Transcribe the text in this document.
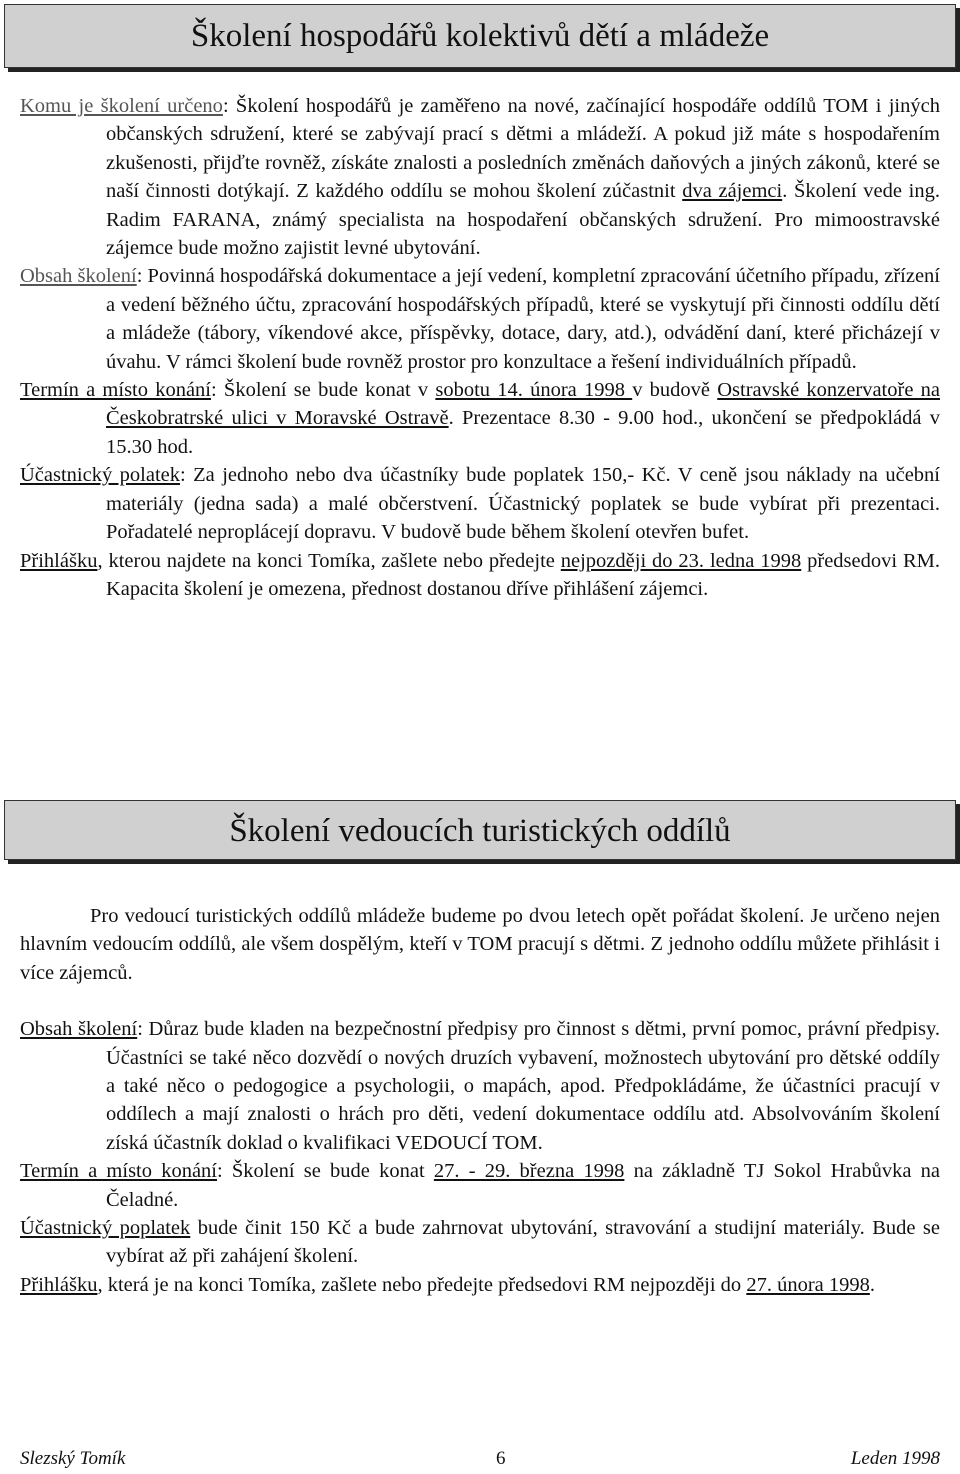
Školení hospodářů kolektivů dětí a mládeže

Komu je školení určeno: Školení hospodářů je zaměřeno na nové, začínající hospodáře oddílů TOM i jiných občanských sdružení, které se zabývají prací s dětmi a mládeží. A pokud již máte s hospodařením zkušenosti, přijďte rovněž, získáte znalosti a posledních změnách daňových a jiných zákonů, které se naší činnosti dotýkají. Z každého oddílu se mohou školení zúčastnit dva zájemci. Školení vede ing. Radim FARANA, známý specialista na hospodaření občanských sdružení. Pro mimoostravské zájemce bude možno zajistit levné ubytování.

Obsah školení: Povinná hospodářská dokumentace a její vedení, kompletní zpracování účetního případu, zřízení a vedení běžného účtu, zpracování hospodářských případů, které se vyskytují při činnosti oddílu dětí a mládeže (tábory, víkendové akce, příspěvky, dotace, dary, atd.), odvádění daní, které přicházejí v úvahu. V rámci školení bude rovněž prostor pro konzultace a řešení individuálních případů.

Termín a místo konání: Školení se bude konat v sobotu 14. února 1998 v budově Ostravské konzervatoře na Českobratrské ulici v Moravské Ostravě. Prezentace 8.30 - 9.00 hod., ukončení se předpokládá v 15.30 hod.

Účastnický polatek: Za jednoho nebo dva účastníky bude poplatek 150,- Kč. V ceně jsou náklady na učební materiály (jedna sada) a malé občerstvení. Účastnický poplatek se bude vybírat při prezentaci. Pořadatelé neproplácejí dopravu. V budově bude během školení otevřen bufet.

Přihlášku, kterou najdete na konci Tomíka, zašlete nebo předejte nejpozději do 23. ledna 1998 předsedovi RM. Kapacita školení je omezena, přednost dostanou dříve přihlášení zájemci.

Školení vedoucích turistických oddílů

Pro vedoucí turistických oddílů mládeže budeme po dvou letech opět pořádat školení. Je určeno nejen hlavním vedoucím oddílů, ale všem dospělým, kteří v TOM pracují s dětmi. Z jednoho oddílu můžete přihlásit i více zájemců.

Obsah školení: Důraz bude kladen na bezpečnostní předpisy pro činnost s dětmi, první pomoc, právní předpisy. Účastníci se také něco dozvědí o nových druzích vybavení, možnostech ubytování pro dětské oddíly a také něco o pedogogice a psychologii, o mapách, apod. Předpokládáme, že účastníci pracují v oddílech a mají znalosti o hrách pro děti, vedení dokumentace oddílu atd. Absolvováním školení získá účastník doklad o kvalifikaci VEDOUCÍ TOM.

Termín a místo konání: Školení se bude konat 27. - 29. března 1998 na základně TJ Sokol Hrabůvka na Čeladné.

Účastnický poplatek bude činit 150 Kč a bude zahrnovat ubytování, stravování a studijní materiály. Bude se vybírat až při zahájení školení.

Přihlášku, která je na konci Tomíka, zašlete nebo předejte předsedovi RM nejpozději do 27. února 1998.

Slezský Tomík	6	Leden 1998
